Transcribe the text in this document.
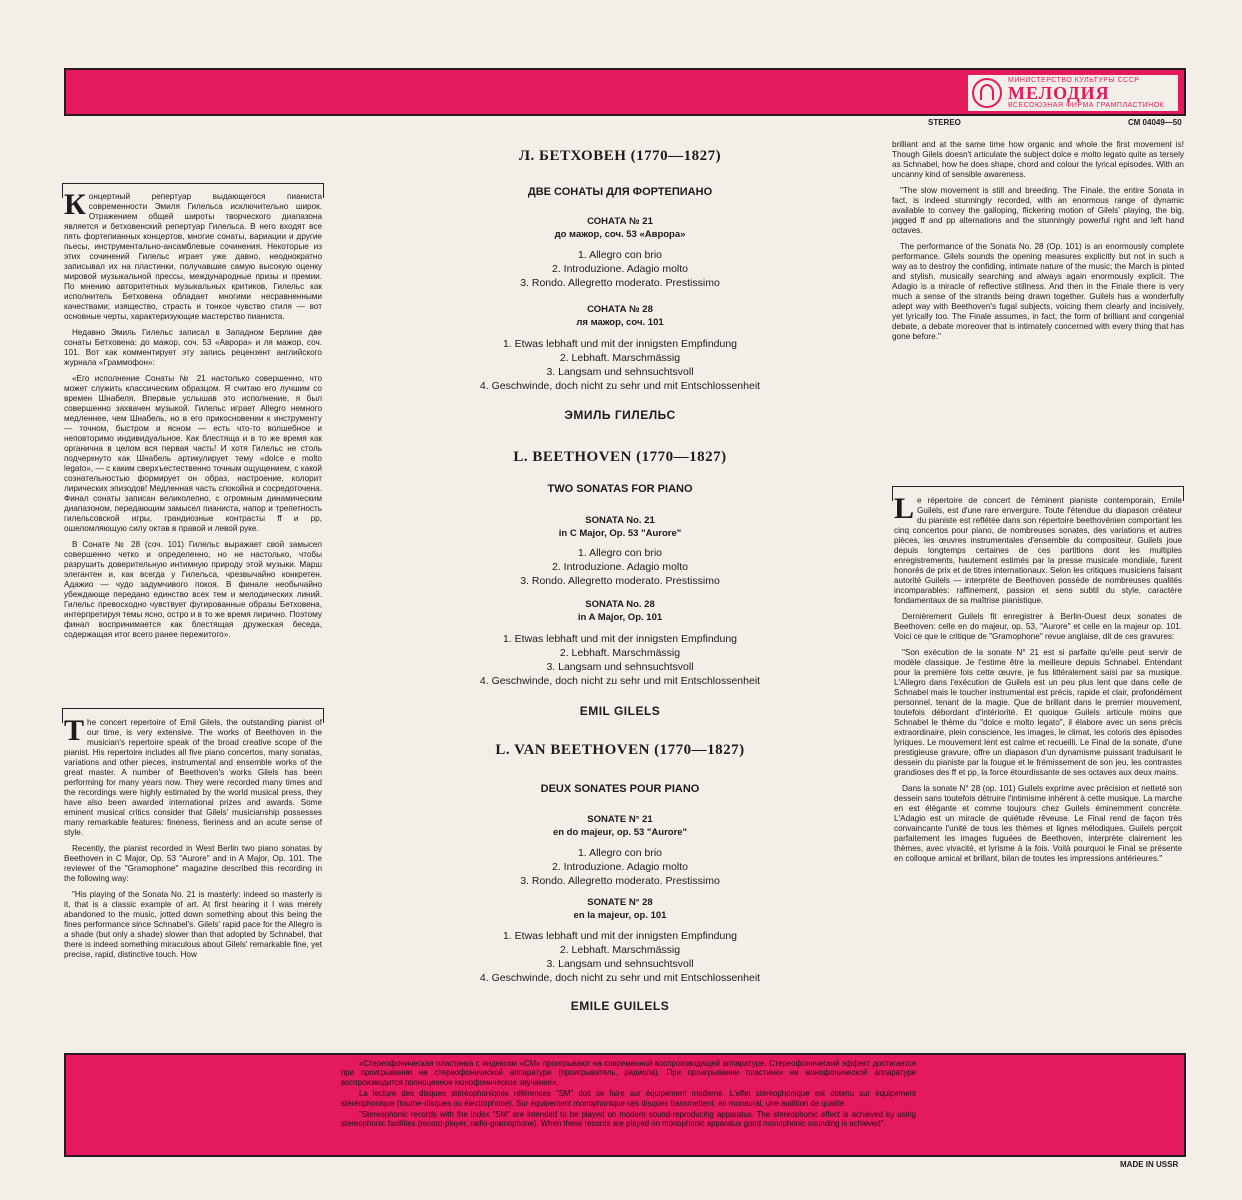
МИНИСТЕРСТВО КУЛЬТУРЫ СССР
МЕЛОДИЯ
ВСЕСОЮЗНАЯ ФИРМА ГРАМПЛАСТИНОК
STEREO	СМ 04049—50

Концертный репертуар выдающегося пианиста современности Эмиля Гилельса исключительно широк. Отражением общей широты творческого диапазона является и бетховенский репертуар Гилельса. В него входят все пять фортепианных концертов, многие сонаты, вариации и другие пьесы, инструментально-ансамблевые сочинения. Некоторые из этих сочинений Гилельс играет уже давно, неоднократно записывал их на пластинки, получавшие самую высокую оценку мировой музыкальной прессы, международные призы и премии. По мнению авторитетных музыкальных критиков, Гилельс как исполнитель Бетховена обладает многими несравненными качествами; изящество, страсть и тонкое чувство стиля — вот основные черты, характеризующие мастерство пианиста.

Недавно Эмиль Гилельс записал в Западном Берлине две сонаты Бетховена: до мажор, соч. 53 «Аврора» и ля мажор, соч. 101. Вот как комментирует эту запись рецензент английского журнала «Граммофон»:

«Его исполнение Сонаты № 21 настолько совершенно, что может служить классическим образцом. Я считаю его лучшим со времен Шнабеля. Впервые услышав это исполнение, я был совершенно захвачен музыкой. Гилельс играет Allegro немного медленнее, чем Шнабель, но в его прикосновении к инструменту — точном, быстром и ясном — есть что-то волшебное и неповторимо индивидуальное. Как блестяща и в то же время как органична в целом вся первая часть! И хотя Гилельс не столь подчеркнуто как Шнабель артикулирует тему «dolce e molto legato», — с каким сверхъестественно точным ощущением, с какой сознательностью формирует он образ, настроение, колорит лирических эпизодов! Медленная часть спокойна и сосредоточена. Финал сонаты записан великолепно, с огромным динамическим диапазоном, передающим замысел пианиста, напор и трепетность гилельсовской игры, грандиозные контрасты ff и pp, ошеломляющую силу октав в правой и левой руке.

В Сонате № 28 (соч. 101) Гилельс выражает свой замысел совершенно четко и определенно, но не настолько, чтобы разрушить доверительную интимную природу этой музыки. Марш элегантен и, как всегда у Гилельса, чрезвычайно конкретен. Адажио — чудо задумчивого покоя. В финале необычайно убеждающе передано единство всех тем и мелодических линий. Гилельс превосходно чувствует фугированные образы Бетховена, интерпретируя темы ясно, остро и в то же время лирично. Поэтому финал воспринимается как блестящая дружеская беседа, содержащая итог всего ранее пережитого».

The concert repertoire of Emil Gilels, the outstanding pianist of our time, is very extensive. The works of Beethoven in the musician's repertoire speak of the broad creative scope of the pianist. His repertoire includes all five piano concertos, many sonatas, variations and other pieces, instrumental and ensemble works of the great master. A number of Beethoven's works Gilels has been performing for many years now. They were recorded many times and the recordings were highly estimated by the world musical press, they have also been awarded international prizes and awards. Some eminent musical critics consider that Gilels' musicianship possesses many remarkable features: fineness, fieriness and an acute sense of style.

Recently, the pianist recorded in West Berlin two piano sonatas by Beethoven in C Major, Op. 53 "Aurore" and in A Major, Op. 101. The reviewer of the "Gramophone" magazine described this recording in the following way:

"His playing of the Sonata No. 21 is masterly: indeed so masterly is it, that is a classic example of art. At first hearing it I was merely abandoned to the music, jotted down something about this being the fines performance since Schnabel's. Gilels' rapid pace for the Allegro is a shade (but only a shade) slower than that adopted by Schnabel, that there is indeed something miraculous about Gilels' remarkable fine, yet precise, rapid, distinctive touch. How

brilliant and at the same time how organic and whole the first movement is! Though Gilels doesn't articulate the subject dolce e molto legato quite as tersely as Schnabel, how he does shape, chord and colour the lyrical episodes. With an uncanny kind of sensible awareness.

"The slow movement is still and breeding. The Finale, the entire Sonata in fact, is indeed stunningly recorded, with an enormous range of dynamic available to convey the galloping, flickering motion of Gilels' playing, the big, jagged ff and pp alternations and the stunningly powerful right and left hand octaves.

The performance of the Sonata No. 28 (Op. 101) is an enormously complete performance. Gilels sounds the opening measures explicitly but not in such a way as to destroy the confiding, intimate nature of the music; the March is pinted and stylish, musically searching and always again enormously explicit. The Adagio is a miracle of reflective stillness. And then in the Finale there is very much a sense of the strands being drawn together. Guilels has a wonderfully adept way with Beethoven's fugal subjects, voicing them clearly and incisively, yet lyrically too. The Finale assumes, in fact, the form of brilliant and congenial debate, a debate moreover that is intimately concerned with every thing that has gone before."

Le répertoire de concert de l'éminent pianiste contemporain, Emile Guilels, est d'une rare envergure. Toute l'étendue du diapason créateur du pianiste est reflétée dans son répertoire beethovénien comportant les cinq concertos pour piano, de nombreuses sonates, des variations et autres pièces, les œuvres instrumentales d'ensemble du compositeur. Guilels joue depuis longtemps certaines de ces partitions dont les multiples enregistrements, hautement estimés par la presse musicale mondiale, furent honorés de prix et de titres internationaux. Selon les critiques musiciens faisant autorité Guilels — interprète de Beethoven possède de nombreuses qualités incomparables: raffinement, passion et sens subtil du style, caractère fondamentaux de sa maîtrise pianistique.

Dernièrement Guilels fit enregistrer à Berlin-Ouest deux sonates de Beethoven: celle en do majeur, op. 53, "Aurore" et celle en la majeur op. 101. Voici ce que le critique de "Gramophone" revue anglaise, dit de ces gravures:

"Son exécution de la sonate N° 21 est si parfaite qu'elle peut servir de modèle classique. Je l'estime être la meilleure depuis Schnabel. Entendant pour la première fois cette œuvre, je fus littéralement saisi par sa musique. L'Allegro dans l'exécution de Guilels est un peu plus lent que dans celle de Schnabel mais le toucher instrumental est précis, rapide et clair, profondément personnel, tenant de la magie. Que de brillant dans le premier mouvement, toutefois débordant d'intériorité. Et quoique Guilels articule moins que Schnabel le thème du "dolce e molto legato", il élabore avec un sens précis extraordinaire, plein conscience, les images, le climat, les coloris des épisodes lyriques. Le mouvement lent est calme et recueilli. Le Final de la sonate, d'une prestigieuse gravure, offre un diapason d'un dynamisme puissant traduisant le dessein du pianiste par la fougue et le frémissement de son jeu, les contrastes grandioses des ff et pp, la force étourdissante de ses octaves aux deux mains.

Dans la sonate N° 28 (op. 101) Guilels exprime avec précision et netteté son dessein sans toutefois détruire l'intimisme inhérent à cette musique. La marche en est élégante et comme toujours chez Guilels éminemment concrète. L'Adagio est un miracle de quiétude rêveuse. Le Final rend de façon très convaincante l'unité de tous les thèmes et lignes mélodiques. Guilels perçoit parfaitement les images fuguées de Beethoven, interprète clairement les thèmes, avec vivacité, et lyrisme à la fois. Voilà pourquoi le Final se présente en colloque amical et brillant, bilan de toutes les impressions antérieures."

Л. БЕТХОВЕН (1770—1827)
ДВЕ СОНАТЫ ДЛЯ ФОРТЕПИАНО
СОНАТА № 21
до мажор, соч. 53 «Аврора»
1. Allegro con brio
2. Introduzione. Adagio molto
3. Rondo. Allegretto moderato. Prestissimo
СОНАТА № 28
ля мажор, соч. 101
1. Etwas lebhaft und mit der innigsten Empfindung
2. Lebhaft. Marschmässig
3. Langsam und sehnsuchtsvoll
4. Geschwinde, doch nicht zu sehr und mit Entschlossenheit
ЭМИЛЬ ГИЛЕЛЬС
L. BEETHOVEN (1770—1827)
TWO SONATAS FOR PIANO
SONATA No. 21
in C Major, Op. 53 "Aurore"
1. Allegro con brio
2. Introduzione. Adagio molto
3. Rondo. Allegretto moderato. Prestissimo
SONATA No. 28
in A Major, Op. 101
1. Etwas lebhaft und mit der innigsten Empfindung
2. Lebhaft. Marschmässig
3. Langsam und sehnsuchtsvoll
4. Geschwinde, doch nicht zu sehr und mit Entschlossenheit
EMIL GILELS
L. VAN BEETHOVEN (1770—1827)
DEUX SONATES POUR PIANO
SONATE N° 21
en do majeur, op. 53 "Aurore"
1. Allegro con brio
2. Introduzione. Adagio molto
3. Rondo. Allegretto moderato. Prestissimo
SONATE N° 28
en la majeur, op. 101
1. Etwas lebhaft und mit der innigsten Empfindung
2. Lebhaft. Marschmässig
3. Langsam und sehnsuchtsvoll
4. Geschwinde, doch nicht zu sehr und mit Entschlossenheit
EMILE GUILELS

«Стереофоническая пластинка с индексом «СМ» проигрывают на современной воспроизводящей аппаратуре. Стереофонический эффект достигается при проигрывании на стереофонической аппаратуре (проигрыватель, радиола). При проигрывании пластинки на монофонической аппаратуре воспроизводится полноценное монофоническое звучание».

La lecture des disques stéréophoniques références "SM" doit se faire sur équipement moderne. L'effet stéréophonique est obtenu sur équipement stéréophonique (tourne-disques ou électrophone). Sur équipement monophonique ces disques transmettent, en monaural, une audition de qualité.

"Stereophonic records with the index "SM" are intended to be played on modern sound-reproducing apparatus. The stereophonic effect is achieved by using stereophonic facilities (record-player, radio-gramophone). When these records are played on monophonic apparatus good monophonic sounding is achieved".

MADE IN USSR
